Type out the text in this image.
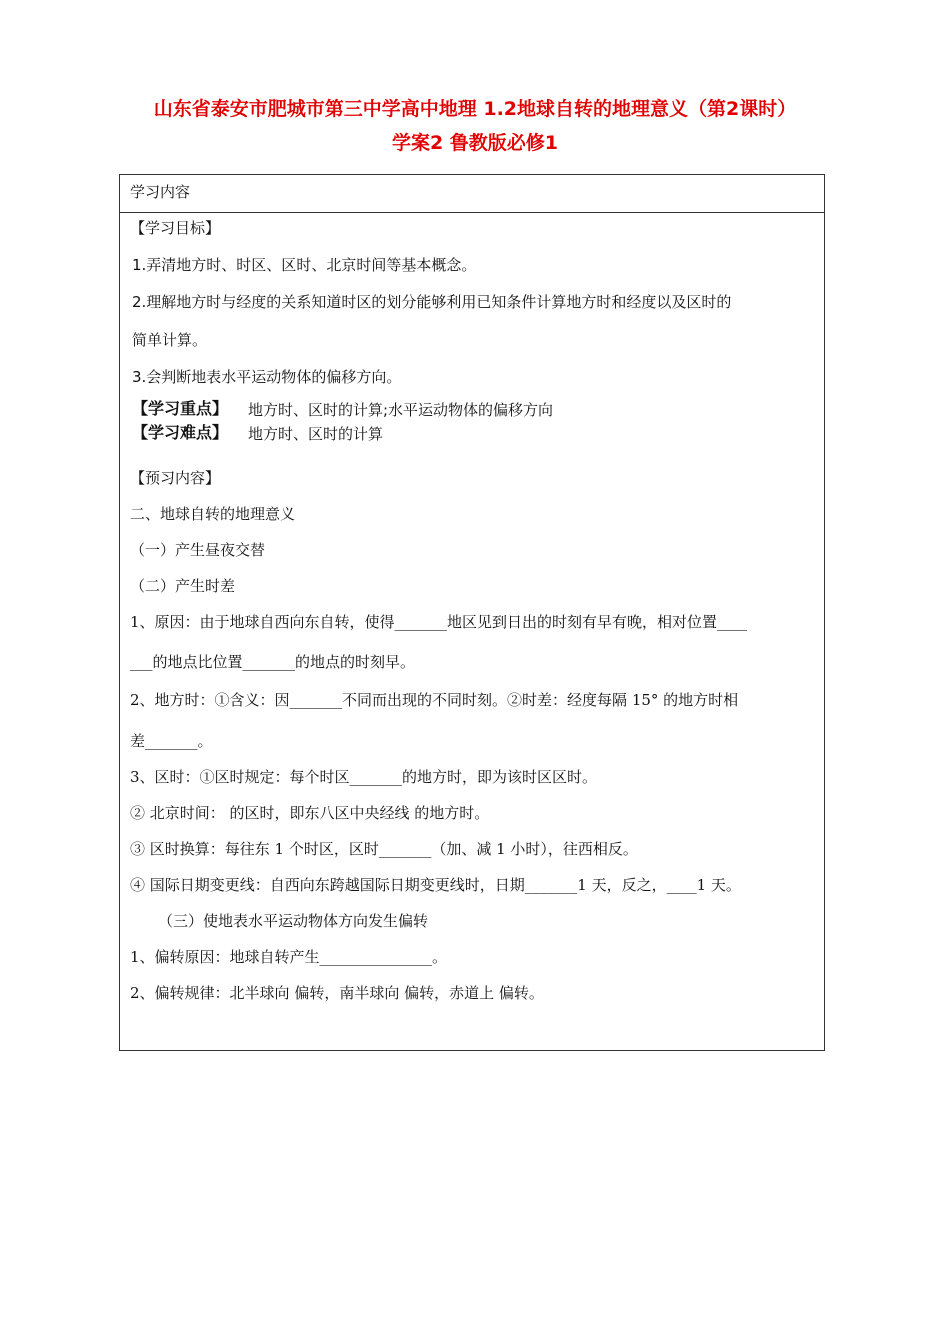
山东省泰安市肥城市第三中学高中地理 1.2地球自转的地理意义（第2课时）
学案2 鲁教版必修1
学习内容
【学习目标】
1.弄清地方时、时区、区时、北京时间等基本概念。
2.理解地方时与经度的关系知道时区的划分能够利用已知条件计算地方时和经度以及区时的
简单计算。
3.会判断地表水平运动物体的偏移方向。
【学习重点】 地方时、区时的计算;水平运动物体的偏移方向
【学习难点】 地方时、区时的计算
【预习内容】
二、地球自转的地理意义
（一）产生昼夜交替
（二）产生时差
1、原因：由于地球自西向东自转，使得_______地区见到日出的时刻有早有晚，相对位置____
___的地点比位置_______的地点的时刻早。
2、地方时：①含义：因_______不同而出现的不同时刻。②时差：经度每隔 15° 的地方时相
差_______。
3、区时：①区时规定：每个时区_______的地方时，即为该时区区时。
② 北京时间： 的区时，即东八区中央经线 的地方时。
③ 区时换算：每往东 1 个时区，区时_______（加、减 1 小时），往西相反。
④ 国际日期变更线：自西向东跨越国际日期变更线时，日期_______1 天，反之，____1 天。
（三）使地表水平运动物体方向发生偏转
1、偏转原因：地球自转产生_______________。
2、偏转规律：北半球向 偏转，南半球向 偏转，赤道上 偏转。
